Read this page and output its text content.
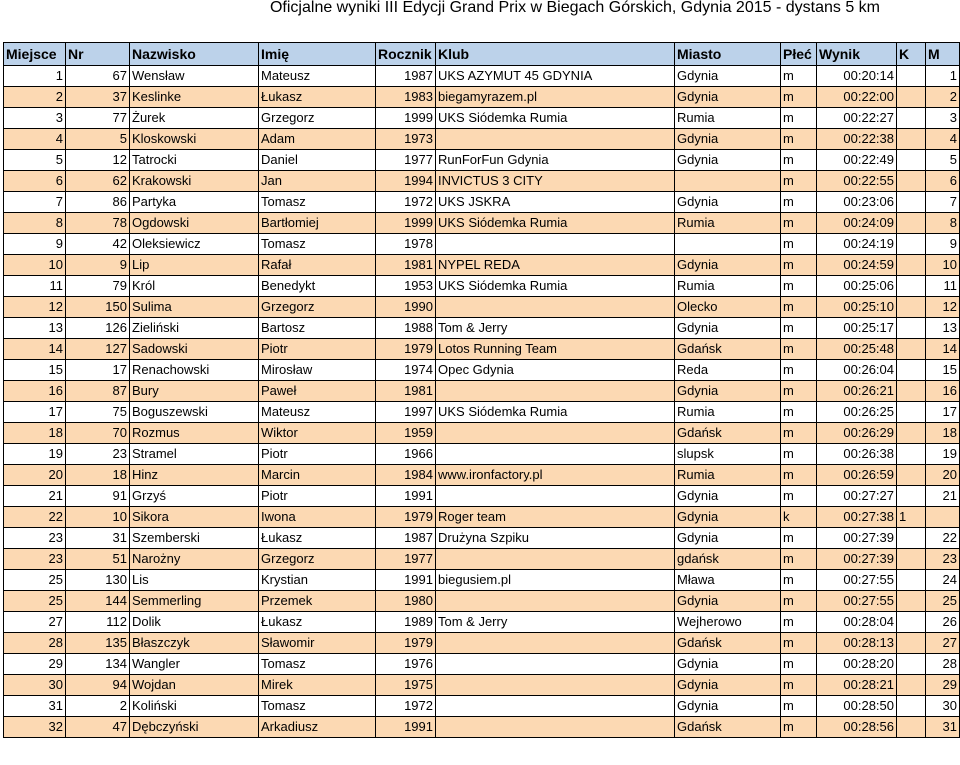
Oficjalne wyniki III Edycji Grand Prix w Biegach Górskich, Gdynia 2015 - dystans 5 km
Miejsce	Nr	Nazwisko	Imię	Rocznik	Klub	Miasto	Płeć	Wynik	K	M
1	67	Wensław	Mateusz	1987	UKS AZYMUT 45 GDYNIA	Gdynia	m	00:20:14		1
2	37	Keslinke	Łukasz	1983	biegamyrazem.pl	Gdynia	m	00:22:00		2
3	77	Żurek	Grzegorz	1999	UKS Siódemka Rumia	Rumia	m	00:22:27		3
4	5	Kloskowski	Adam	1973		Gdynia	m	00:22:38		4
5	12	Tatrocki	Daniel	1977	RunForFun Gdynia	Gdynia	m	00:22:49		5
6	62	Krakowski	Jan	1994	INVICTUS 3 CITY		m	00:22:55		6
7	86	Partyka	Tomasz	1972	UKS JSKRA	Gdynia	m	00:23:06		7
8	78	Ogdowski	Bartłomiej	1999	UKS Siódemka Rumia	Rumia	m	00:24:09		8
9	42	Oleksiewicz	Tomasz	1978			m	00:24:19		9
10	9	Lip	Rafał	1981	NYPEL REDA	Gdynia	m	00:24:59		10
11	79	Król	Benedykt	1953	UKS Siódemka Rumia	Rumia	m	00:25:06		11
12	150	Sulima	Grzegorz	1990		Olecko	m	00:25:10		12
13	126	Zieliński	Bartosz	1988	Tom & Jerry	Gdynia	m	00:25:17		13
14	127	Sadowski	Piotr	1979	Lotos Running Team	Gdańsk	m	00:25:48		14
15	17	Renachowski	Mirosław	1974	Opec Gdynia	Reda	m	00:26:04		15
16	87	Bury	Paweł	1981		Gdynia	m	00:26:21		16
17	75	Boguszewski	Mateusz	1997	UKS Siódemka Rumia	Rumia	m	00:26:25		17
18	70	Rozmus	Wiktor	1959		Gdańsk	m	00:26:29		18
19	23	Stramel	Piotr	1966		slupsk	m	00:26:38		19
20	18	Hinz	Marcin	1984	www.ironfactory.pl	Rumia	m	00:26:59		20
21	91	Grzyś	Piotr	1991		Gdynia	m	00:27:27		21
22	10	Sikora	Iwona	1979	Roger team	Gdynia	k	00:27:38	1	
23	31	Szemberski	Łukasz	1987	Drużyna Szpiku	Gdynia	m	00:27:39		22
23	51	Narożny	Grzegorz	1977		gdańsk	m	00:27:39		23
25	130	Lis	Krystian	1991	biegusiem.pl	Mława	m	00:27:55		24
25	144	Semmerling	Przemek	1980		Gdynia	m	00:27:55		25
27	112	Dolik	Łukasz	1989	Tom & Jerry	Wejherowo	m	00:28:04		26
28	135	Błaszczyk	Sławomir	1979		Gdańsk	m	00:28:13		27
29	134	Wangler	Tomasz	1976		Gdynia	m	00:28:20		28
30	94	Wojdan	Mirek	1975		Gdynia	m	00:28:21		29
31	2	Koliński	Tomasz	1972		Gdynia	m	00:28:50		30
32	47	Dębczyński	Arkadiusz	1991		Gdańsk	m	00:28:56		31
